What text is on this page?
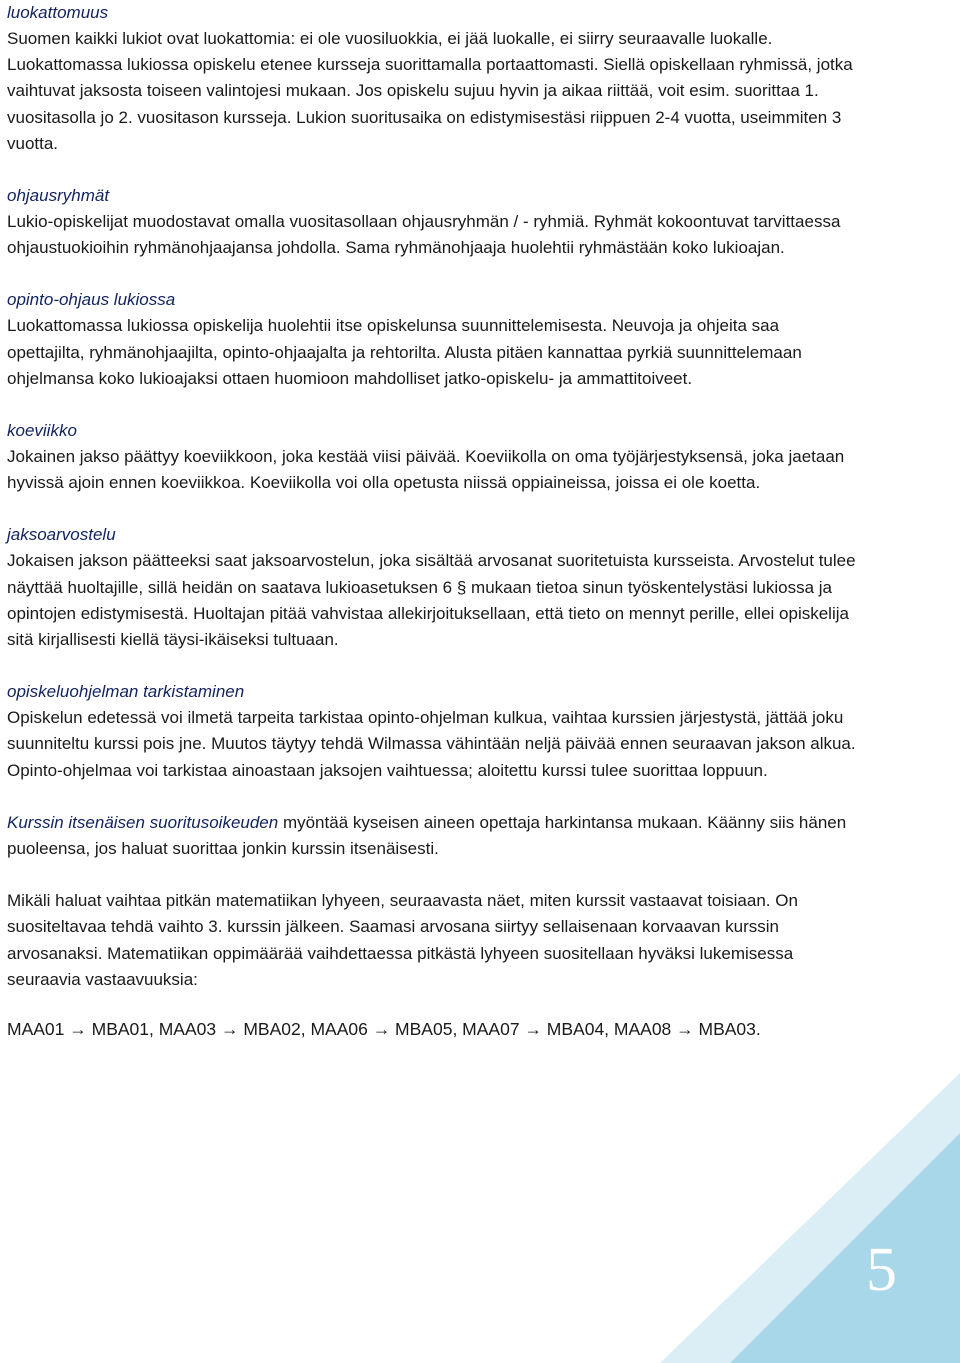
luokattomuus

Suomen kaikki lukiot ovat luokattomia: ei ole vuosiluokkia, ei jää luokalle, ei siirry seuraavalle luokalle. Luokattomassa lukiossa opiskelu etenee kursseja suorittamalla portaattomasti. Siellä opiskellaan ryhmissä, jotka vaihtuvat jaksosta toiseen valintojesi mukaan. Jos opiskelu sujuu hyvin ja aikaa riittää, voit esim. suorittaa 1. vuositasolla jo 2. vuositason kursseja. Lukion suoritusaika on edistymisestäsi riippuen 2-4 vuotta, useimmiten 3 vuotta.

ohjausryhmät

Lukio-opiskelijat muodostavat omalla vuositasollaan ohjausryhmän / - ryhmiä. Ryhmät kokoontuvat tarvittaessa ohjaustuokioihin ryhmänohjaajansa johdolla. Sama ryhmänohjaaja huolehtii ryhmästään koko lukioajan.

opinto-ohjaus lukiossa

Luokattomassa lukiossa opiskelija huolehtii itse opiskelunsa suunnittelemisesta. Neuvoja ja ohjeita saa opettajilta, ryhmänohjaajilta, opinto-ohjaajalta ja rehtorilta. Alusta pitäen kannattaa pyrkiä suunnittelemaan ohjelmansa koko lukioajaksi ottaen huomioon mahdolliset jatko-opiskelu- ja ammattitoiveet.

koeviikko

Jokainen jakso päättyy koeviikkoon, joka kestää viisi päivää. Koeviikolla on oma työjärjestyksensä, joka jaetaan hyvissä ajoin ennen koeviikkoa. Koeviikolla voi olla opetusta niissä oppiaineissa, joissa ei ole koetta.

jaksoarvostelu

Jokaisen jakson päätteeksi saat jaksoarvostelun, joka sisältää arvosanat suoritetuista kursseista. Arvostelut tulee näyttää huoltajille, sillä heidän on saatava lukioasetuksen 6 § mukaan tietoa sinun työskentelystäsi lukiossa ja opintojen edistymisestä. Huoltajan pitää vahvistaa allekirjoituksellaan, että tieto on mennyt perille, ellei opiskelija sitä kirjallisesti kiellä täysi-ikäiseksi tultuaan.

opiskeluohjelman tarkistaminen

Opiskelun edetessä voi ilmetä tarpeita tarkistaa opinto-ohjelman kulkua, vaihtaa kurssien järjestystä, jättää joku suunniteltu kurssi pois jne. Muutos täytyy tehdä Wilmassa vähintään neljä päivää ennen seuraavan jakson alkua. Opinto-ohjelmaa voi tarkistaa ainoastaan jaksojen vaihtuessa; aloitettu kurssi tulee suorittaa loppuun.

Kurssin itsenäisen suoritusoikeuden myöntää kyseisen aineen opettaja harkintansa mukaan. Käänny siis hänen puoleensa, jos haluat suorittaa jonkin kurssin itsenäisesti.

Mikäli haluat vaihtaa pitkän matematiikan lyhyeen, seuraavasta näet, miten kurssit vastaavat toisiaan. On suositeltavaa tehdä vaihto 3. kurssin jälkeen. Saamasi arvosana siirtyy sellaisenaan korvaavan kurssin arvosanaksi. Matematiikan oppimäärää vaihdettaessa pitkästä lyhyeen suositellaan hyväksi lukemisessa seuraavia vastaavuuksia:

MAA01 → MBA01, MAA03 → MBA02, MAA06 → MBA05, MAA07 → MBA04, MAA08 → MBA03.
5
